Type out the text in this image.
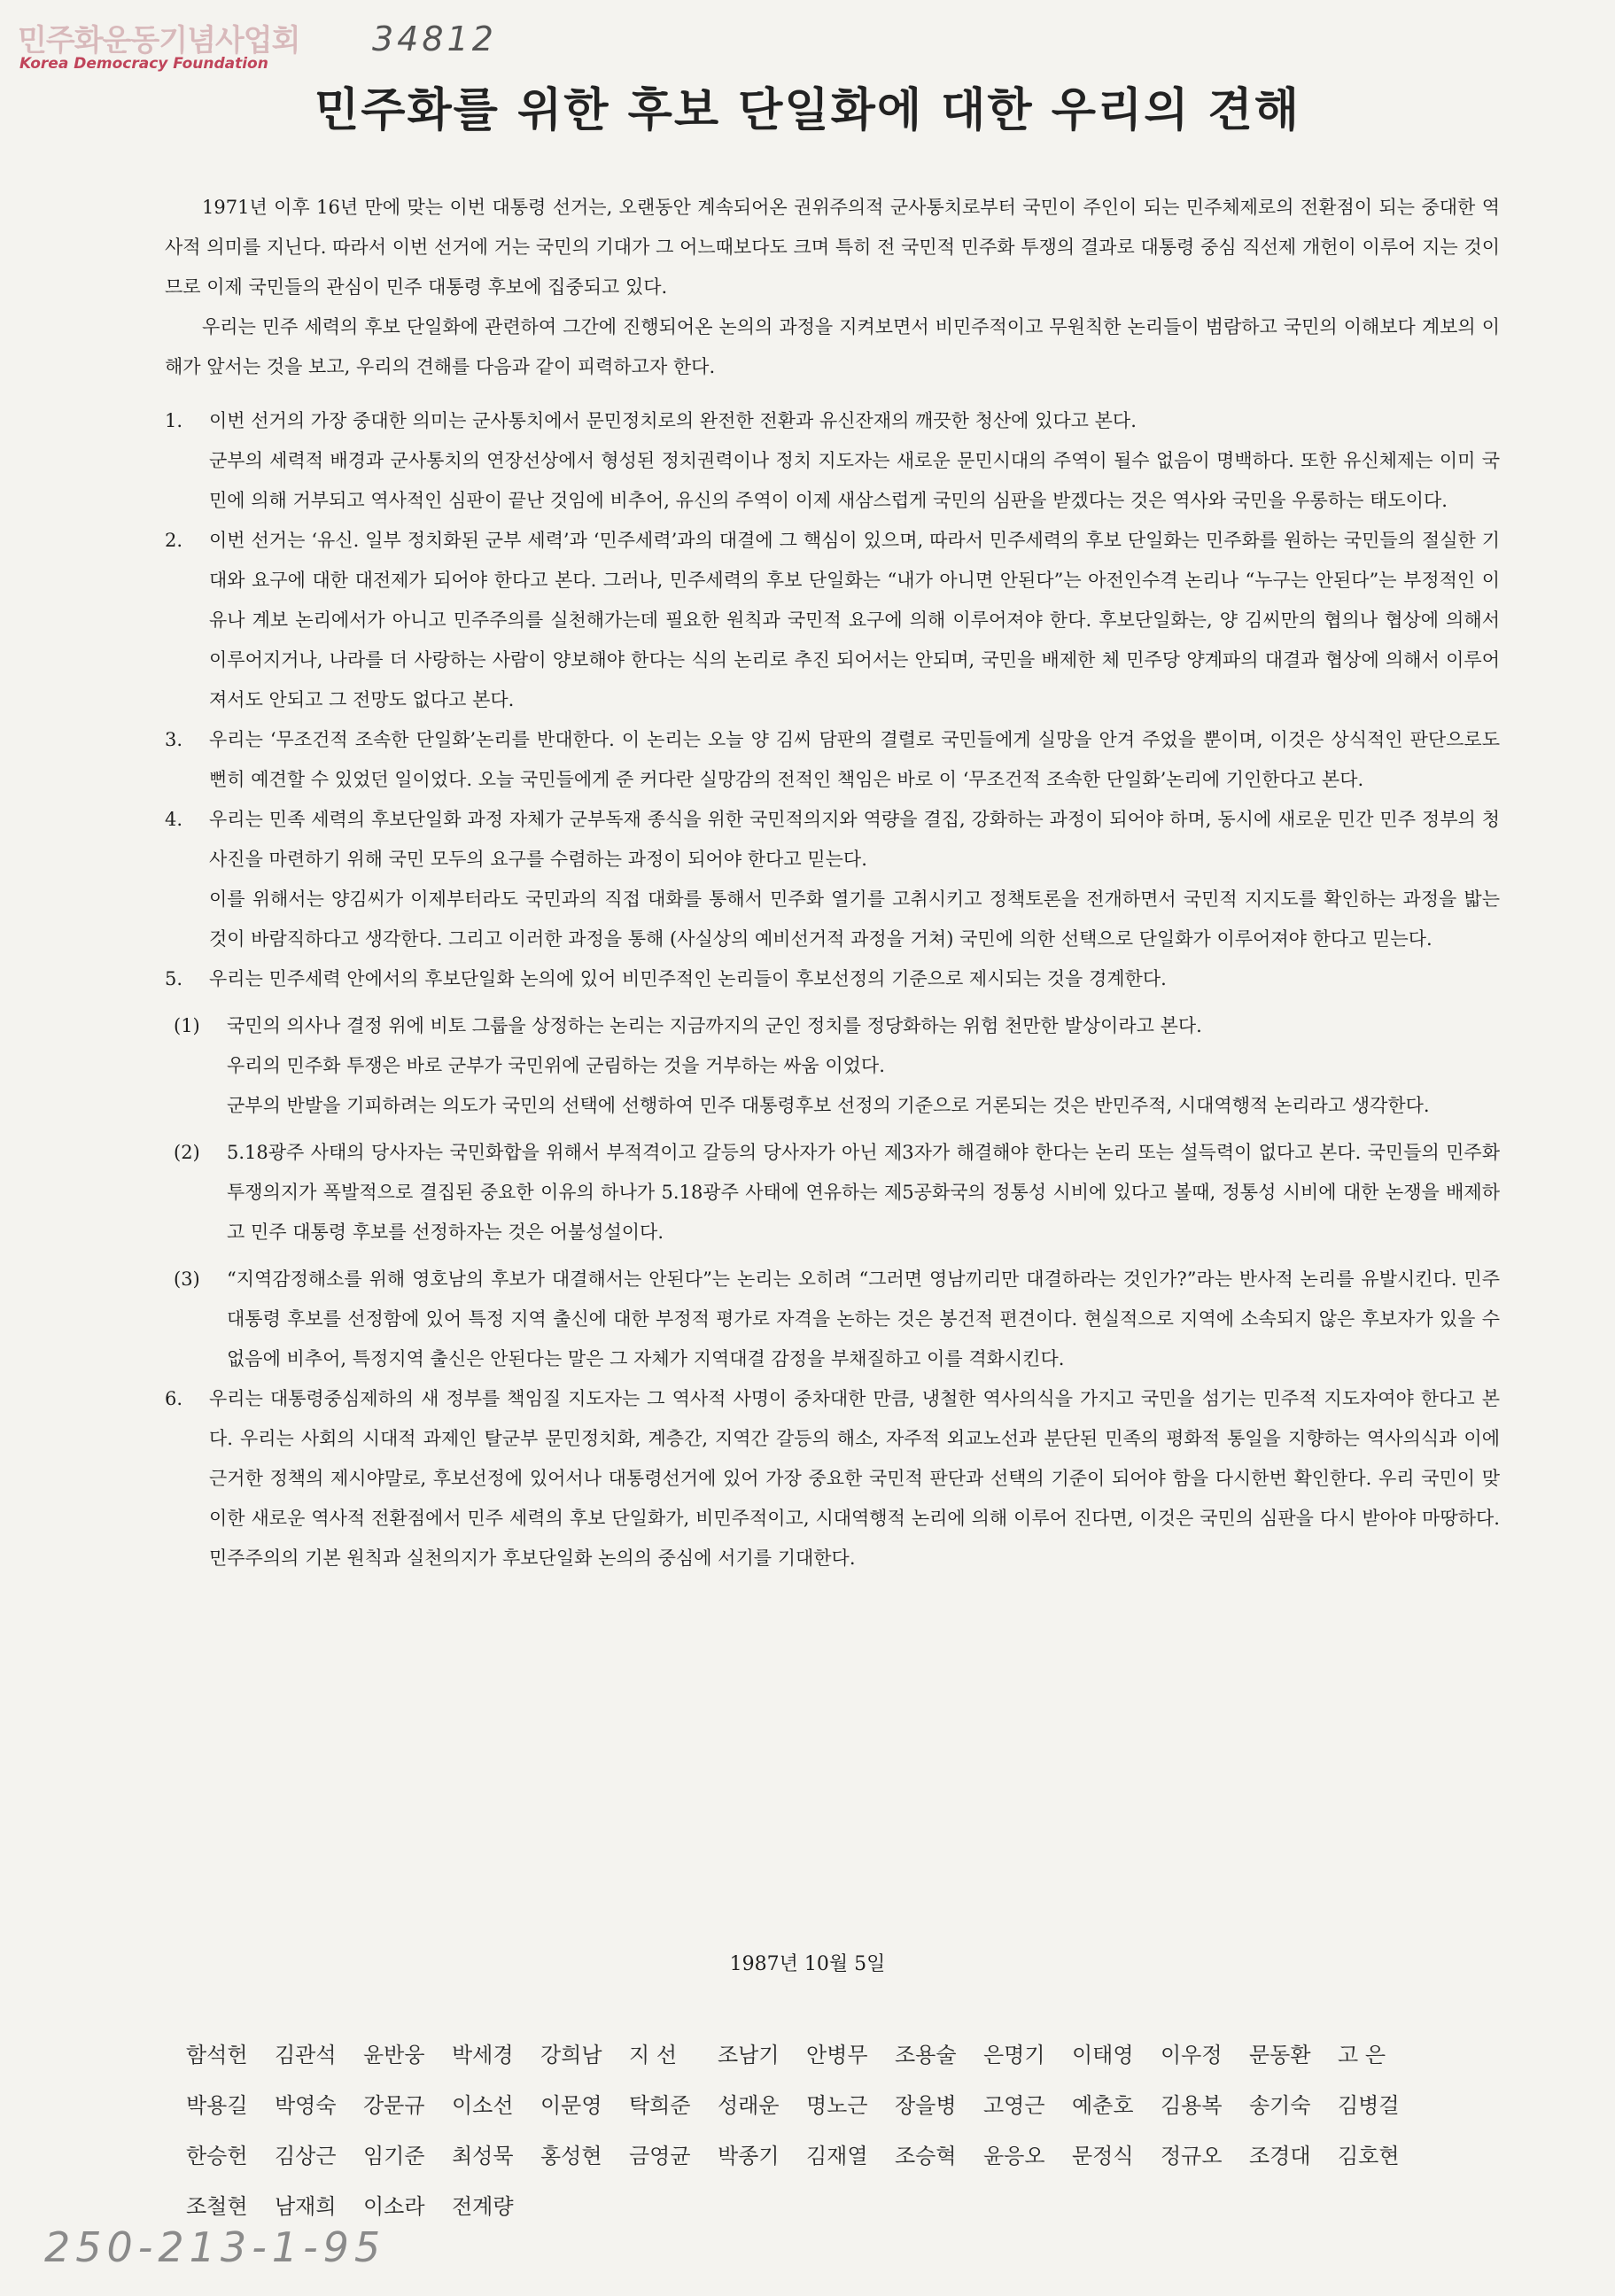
민주화운동기념사업회
Korea Democracy Foundation
34812
민주화를 위한 후보 단일화에 대한 우리의 견해

1971년 이후 16년 만에 맞는 이번 대통령 선거는, 오랜동안 계속되어온 권위주의적 군사통치로부터 국민이 주인이 되는 민주체제로의 전환점이 되는 중대한 역사적 의미를 지닌다. 따라서 이번 선거에 거는 국민의 기대가 그 어느때보다도 크며 특히 전 국민적 민주화 투쟁의 결과로 대통령 중심 직선제 개헌이 이루어 지는 것이므로 이제 국민들의 관심이 민주 대통령 후보에 집중되고 있다.

우리는 민주 세력의 후보 단일화에 관련하여 그간에 진행되어온 논의의 과정을 지켜보면서 비민주적이고 무원칙한 논리들이 범람하고 국민의 이해보다 계보의 이해가 앞서는 것을 보고, 우리의 견해를 다음과 같이 피력하고자 한다.

1. 이번 선거의 가장 중대한 의미는 군사통치에서 문민정치로의 완전한 전환과 유신잔재의 깨끗한 청산에 있다고 본다.

군부의 세력적 배경과 군사통치의 연장선상에서 형성된 정치권력이나 정치 지도자는 새로운 문민시대의 주역이 될수 없음이 명백하다. 또한 유신체제는 이미 국민에 의해 거부되고 역사적인 심판이 끝난 것임에 비추어, 유신의 주역이 이제 새삼스럽게 국민의 심판을 받겠다는 것은 역사와 국민을 우롱하는 태도이다.

2. 이번 선거는 ‘유신. 일부 정치화된 군부 세력’과 ‘민주세력’과의 대결에 그 핵심이 있으며, 따라서 민주세력의 후보 단일화는 민주화를 원하는 국민들의 절실한 기대와 요구에 대한 대전제가 되어야 한다고 본다. 그러나, 민주세력의 후보 단일화는 “내가 아니면 안된다”는 아전인수격 논리나 “누구는 안된다”는 부정적인 이유나 계보 논리에서가 아니고 민주주의를 실천해가는데 필요한 원칙과 국민적 요구에 의해 이루어져야 한다. 후보단일화는, 양 김씨만의 협의나 협상에 의해서 이루어지거나, 나라를 더 사랑하는 사람이 양보해야 한다는 식의 논리로 추진 되어서는 안되며, 국민을 배제한 체 민주당 양계파의 대결과 협상에 의해서 이루어져서도 안되고 그 전망도 없다고 본다.

3. 우리는 ‘무조건적 조속한 단일화’논리를 반대한다. 이 논리는 오늘 양 김씨 담판의 결렬로 국민들에게 실망을 안겨 주었을 뿐이며, 이것은 상식적인 판단으로도 뻔히 예견할 수 있었던 일이었다. 오늘 국민들에게 준 커다란 실망감의 전적인 책임은 바로 이 ‘무조건적 조속한 단일화’논리에 기인한다고 본다.

4. 우리는 민족 세력의 후보단일화 과정 자체가 군부독재 종식을 위한 국민적의지와 역량을 결집, 강화하는 과정이 되어야 하며, 동시에 새로운 민간 민주 정부의 청사진을 마련하기 위해 국민 모두의 요구를 수렴하는 과정이 되어야 한다고 믿는다.

이를 위해서는 양김씨가 이제부터라도 국민과의 직접 대화를 통해서 민주화 열기를 고취시키고 정책토론을 전개하면서 국민적 지지도를 확인하는 과정을 밟는 것이 바람직하다고 생각한다. 그리고 이러한 과정을 통해 (사실상의 예비선거적 과정을 거쳐) 국민에 의한 선택으로 단일화가 이루어져야 한다고 믿는다.

5. 우리는 민주세력 안에서의 후보단일화 논의에 있어 비민주적인 논리들이 후보선정의 기준으로 제시되는 것을 경계한다.

(1) 국민의 의사나 결정 위에 비토 그룹을 상정하는 논리는 지금까지의 군인 정치를 정당화하는 위험 천만한 발상이라고 본다.

우리의 민주화 투쟁은 바로 군부가 국민위에 군림하는 것을 거부하는 싸움 이었다.

군부의 반발을 기피하려는 의도가 국민의 선택에 선행하여 민주 대통령후보 선정의 기준으로 거론되는 것은 반민주적, 시대역행적 논리라고 생각한다.

(2) 5.18광주 사태의 당사자는 국민화합을 위해서 부적격이고 갈등의 당사자가 아닌 제3자가 해결해야 한다는 논리 또는 설득력이 없다고 본다. 국민들의 민주화투쟁의지가 폭발적으로 결집된 중요한 이유의 하나가 5.18광주 사태에 연유하는 제5공화국의 정통성 시비에 있다고 볼때, 정통성 시비에 대한 논쟁을 배제하고 민주 대통령 후보를 선정하자는 것은 어불성설이다.

(3) “지역감정해소를 위해 영호남의 후보가 대결해서는 안된다”는 논리는 오히려 “그러면 영남끼리만 대결하라는 것인가?”라는 반사적 논리를 유발시킨다. 민주대통령 후보를 선정함에 있어 특정 지역 출신에 대한 부정적 평가로 자격을 논하는 것은 봉건적 편견이다. 현실적으로 지역에 소속되지 않은 후보자가 있을 수 없음에 비추어, 특정지역 출신은 안된다는 말은 그 자체가 지역대결 감정을 부채질하고 이를 격화시킨다.

6. 우리는 대통령중심제하의 새 정부를 책임질 지도자는 그 역사적 사명이 중차대한 만큼, 냉철한 역사의식을 가지고 국민을 섬기는 민주적 지도자여야 한다고 본다. 우리는 사회의 시대적 과제인 탈군부 문민정치화, 계층간, 지역간 갈등의 해소, 자주적 외교노선과 분단된 민족의 평화적 통일을 지향하는 역사의식과 이에 근거한 정책의 제시야말로, 후보선정에 있어서나 대통령선거에 있어 가장 중요한 국민적 판단과 선택의 기준이 되어야 함을 다시한번 확인한다. 우리 국민이 맞이한 새로운 역사적 전환점에서 민주 세력의 후보 단일화가, 비민주적이고, 시대역행적 논리에 의해 이루어 진다면, 이것은 국민의 심판을 다시 받아야 마땅하다. 민주주의의 기본 원칙과 실천의지가 후보단일화 논의의 중심에 서기를 기대한다.

1987년 10월 5일
함석헌	김관석	윤반웅	박세경	강희남	지 선	조남기	안병무	조용술	은명기	이태영	이우정	문동환	고 은
박용길	박영숙	강문규	이소선	이문영	탁희준	성래운	명노근	장을병	고영근	예춘호	김용복	송기숙	김병걸
한승헌	김상근	임기준	최성묵	홍성현	금영균	박종기	김재열	조승혁	윤응오	문정식	정규오	조경대	김호현
조철현	남재희	이소라	전계량
250-213-1-95
